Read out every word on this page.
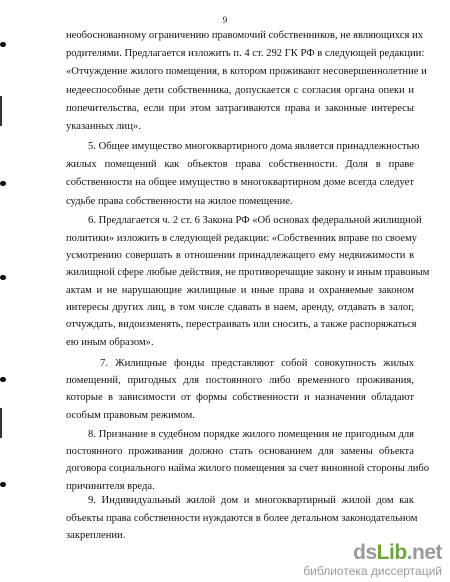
9
необоснованному ограничению правомочий собственников, не являющихся их
родителями. Предлагается изложить п. 4 ст. 292 ГК РФ в следующей редакции:
«Отчуждение жилого помещения, в котором проживают несовершеннолетние и
недееспособные дети собственника, допускается с согласия органа опеки и
попечительства, если при этом затрагиваются права и законные интересы
указанных лиц».
5. Общее имущество многоквартирного дома является принадлежностью
жилых помещений как объектов права собственности. Доля в праве
собственности на общее имущество в многоквартирном доме всегда следует
судьбе права собственности на жилое помещение.
6. Предлагается ч. 2 ст. 6 Закона РФ «Об основах федеральной жилищной
политики» изложить в следующей редакции: «Собственник вправе по своему
усмотрению совершать в отношении принадлежащего ему недвижимости в
жилищной сфере любые действия, не противоречащие закону и иным правовым
актам и не нарушающие жилищные и иные права и охраняемые законом
интересы других лиц, в том числе сдавать в наем, аренду, отдавать в залог,
отчуждать, видоизменять, перестраивать или сносить, а также распоряжаться
ею иным образом».
7. Жилищные фонды представляют собой совокупность жилых
помещений, пригодных для постоянного либо временного проживания,
которые в зависимости от формы собственности и назначения обладают
особым правовым режимом.
8. Признание в судебном порядке жилого помещения не пригодным для
постоянного проживания должно стать основанием для замены объекта
договора социального найма жилого помещения за счет виновной стороны либо
причинителя вреда.
9. Индивидуальный жилой дом и многоквартирный жилой дом как
объекты права собственности нуждаются в более детальном законодательном
закреплении.
dsLib.net
библиотека диссертаций
